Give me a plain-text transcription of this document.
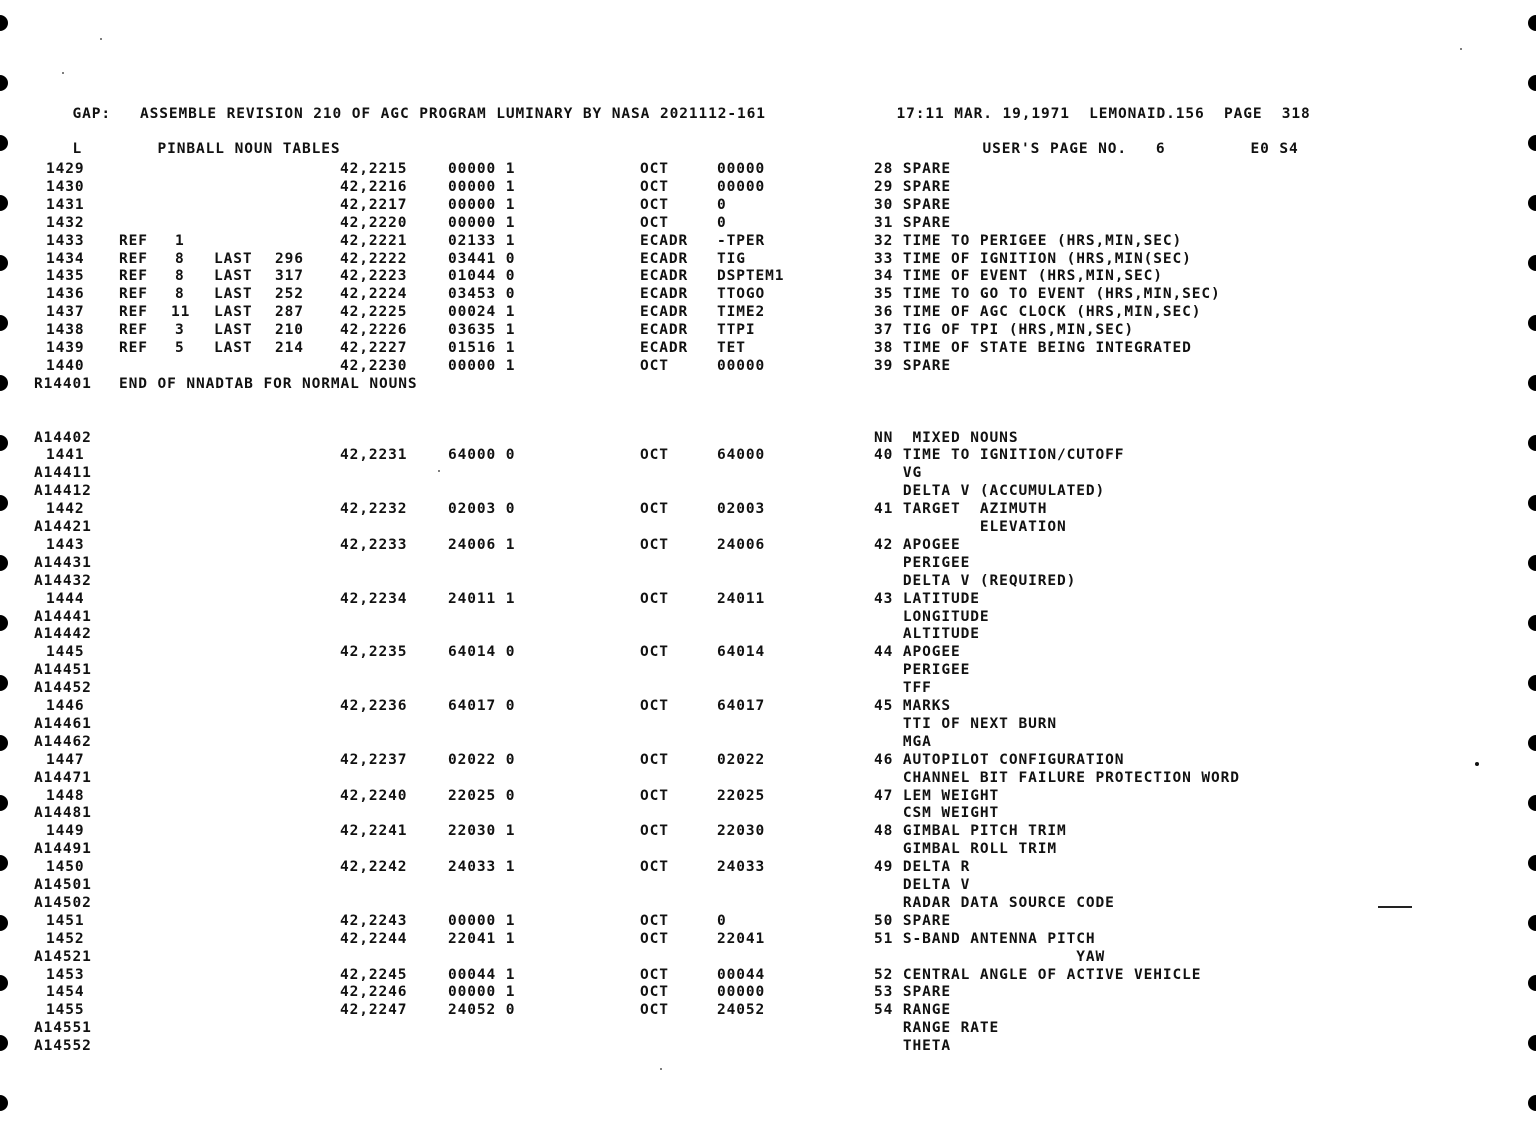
GAP:   ASSEMBLE REVISION 210 OF AGC PROGRAM LUMINARY BY NASA 2021112-161
	17:11 MAR. 19,1971  LEMONAID.156  PAGE  318

L
	PINBALL NOUN TABLES
	USER'S PAGE NO.   6
	E0 S4

1429	42,2215	00000 1	OCT	00000	28 SPARE
1430	42,2216	00000 1	OCT	00000	29 SPARE
1431	42,2217	00000 1	OCT	0	30 SPARE
1432	42,2220	00000 1	OCT	0	31 SPARE
1433 REF 1	42,2221	02133 1	ECADR -TPER	32 TIME TO PERIGEE (HRS,MIN,SEC)
1434 REF 8 LAST 296 42,2222	03441 0	ECADR TIG	33 TIME OF IGNITION (HRS,MIN(SEC)
1435 REF 8 LAST 317 42,2223	01044 0	ECADR DSPTEM1	34 TIME OF EVENT (HRS,MIN,SEC)
1436 REF 8 LAST 252 42,2224	03453 0	ECADR TTOGO	35 TIME TO GO TO EVENT (HRS,MIN,SEC)
1437 REF 11 LAST 287 42,2225	00024 1	ECADR TIME2	36 TIME OF AGC CLOCK (HRS,MIN,SEC)
1438 REF 3 LAST 210 42,2226	03635 1	ECADR TTPI	37 TIG OF TPI (HRS,MIN,SEC)
1439 REF 5 LAST 214 42,2227	01516 1	ECADR TET	38 TIME OF STATE BEING INTEGRATED
1440	42,2230	00000 1	OCT	00000	39 SPARE
R14401 END OF NNADTAB FOR NORMAL NOUNS
A14402	NN  MIXED NOUNS
1441	42,2231	64000 0	OCT	64000	40 TIME TO IGNITION/CUTOFF
A14411	VG
A14412	DELTA V (ACCUMULATED)
1442	42,2232	02003 0	OCT	02003	41 TARGET  AZIMUTH
A14421	ELEVATION
1443	42,2233	24006 1	OCT	24006	42 APOGEE
A14431	PERIGEE
A14432	DELTA V (REQUIRED)
1444	42,2234	24011 1	OCT	24011	43 LATITUDE
A14441	LONGITUDE
A14442	ALTITUDE
1445	42,2235	64014 0	OCT	64014	44 APOGEE
A14451	PERIGEE
A14452	TFF
1446	42,2236	64017 0	OCT	64017	45 MARKS
A14461	TTI OF NEXT BURN
A14462	MGA
1447	42,2237	02022 0	OCT	02022	46 AUTOPILOT CONFIGURATION
A14471	CHANNEL BIT FAILURE PROTECTION WORD
1448	42,2240	22025 0	OCT	22025	47 LEM WEIGHT
A14481	CSM WEIGHT
1449	42,2241	22030 1	OCT	22030	48 GIMBAL PITCH TRIM
A14491	GIMBAL ROLL TRIM
1450	42,2242	24033 1	OCT	24033	49 DELTA R
A14501	DELTA V
A14502	RADAR DATA SOURCE CODE
1451	42,2243	00000 1	OCT	0	50 SPARE
1452	42,2244	22041 1	OCT	22041	51 S-BAND ANTENNA PITCH
A14521	YAW
1453	42,2245	00044 1	OCT	00044	52 CENTRAL ANGLE OF ACTIVE VEHICLE
1454	42,2246	00000 1	OCT	00000	53 SPARE
1455	42,2247	24052 0	OCT	24052	54 RANGE
A14551	RANGE RATE
A14552	THETA
